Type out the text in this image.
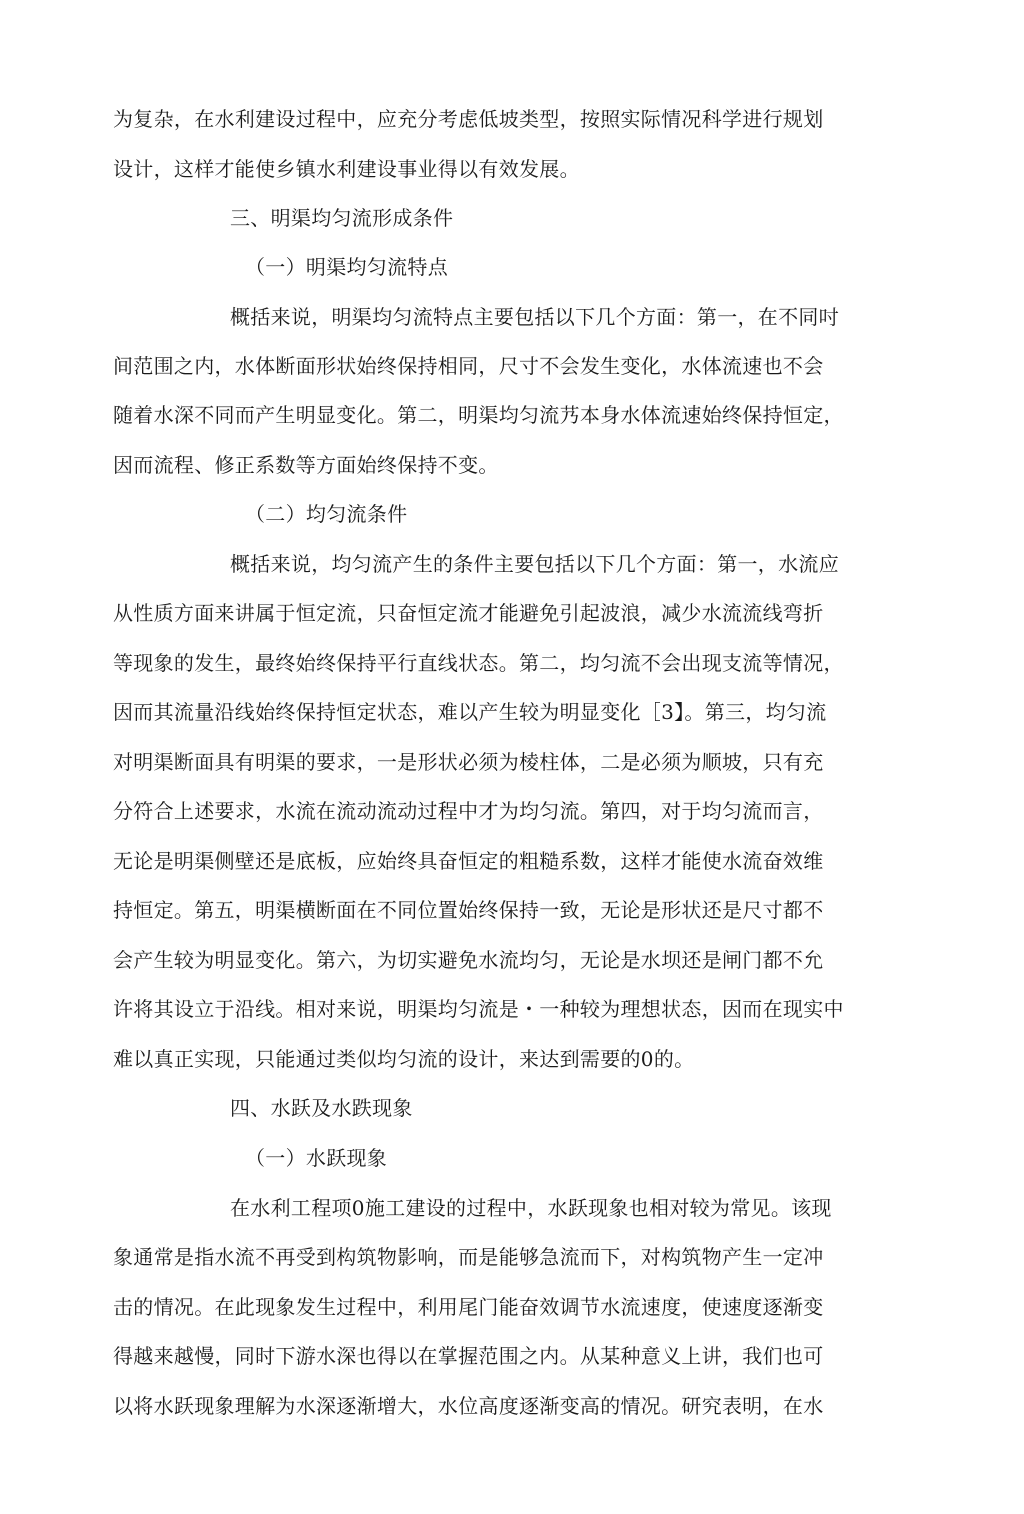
为复杂，在水利建设过程中，应充分考虑低坡类型，按照实际情况科学进行规划
设计，这样才能使乡镇水利建设事业得以有效发展。
三、明渠均匀流形成条件
（一）明渠均匀流特点
概括来说，明渠均匀流特点主要包括以下几个方面：第一，在不同吋
间范围之内，水体断面形状始终保持相同，尺寸不会发生变化，水体流速也不会
随着水深不同而产生明显变化。第二，明渠均匀流艿本身水体流速始终保持恒定，
因而流程、修正系数等方面始终保持不变。
（二）均匀流条件
概括来说，均匀流产生的条件主要包括以下几个方面：第一，水流应
从性质方面来讲属于恒定流，只奋恒定流才能避免引起波浪，减少水流流线弯折
等现象的发生，最终始终保持平行直线状态。第二，均匀流不会出现支流等情况，
因而其流量沿线始终保持恒定状态，难以产生较为明显变化［3】。第三，均匀流
对明渠断面具有明渠的要求，一是形状必须为棱柱体，二是必须为顺坡，只有充
分符合上述要求，水流在流动流动过程中才为均匀流。第四，对于均匀流而言，
无论是明渠侧壁还是底板，应始终具奋恒定的粗糙系数，这样才能使水流奋效维
持恒定。第五，明渠横断面在不同位置始终保持一致，无论是形状还是尺寸都不
会产生较为明显变化。第六，为切实避免水流均匀，无论是水坝还是闸门都不允
许将其设立于沿线。相对来说，明渠均匀流是・一种较为理想状态，因而在现实中
难以真正实现，只能通过类似均匀流的设计，来达到需要的0的。
四、水跃及水跌现象
（一）水跃现象
在水利工程项0施工建设的过程中，水跃现象也相对较为常见。该现
象通常是指水流不再受到构筑物影响，而是能够急流而下，对构筑物产生一定冲
击的情况。在此现象发生过程中，利用尾门能奋效调节水流速度，使速度逐渐变
得越来越慢，同时下游水深也得以在掌握范围之内。从某种意义上讲，我们也可
以将水跃现象理解为水深逐渐增大，水位高度逐渐变高的情况。研究表明，在水
